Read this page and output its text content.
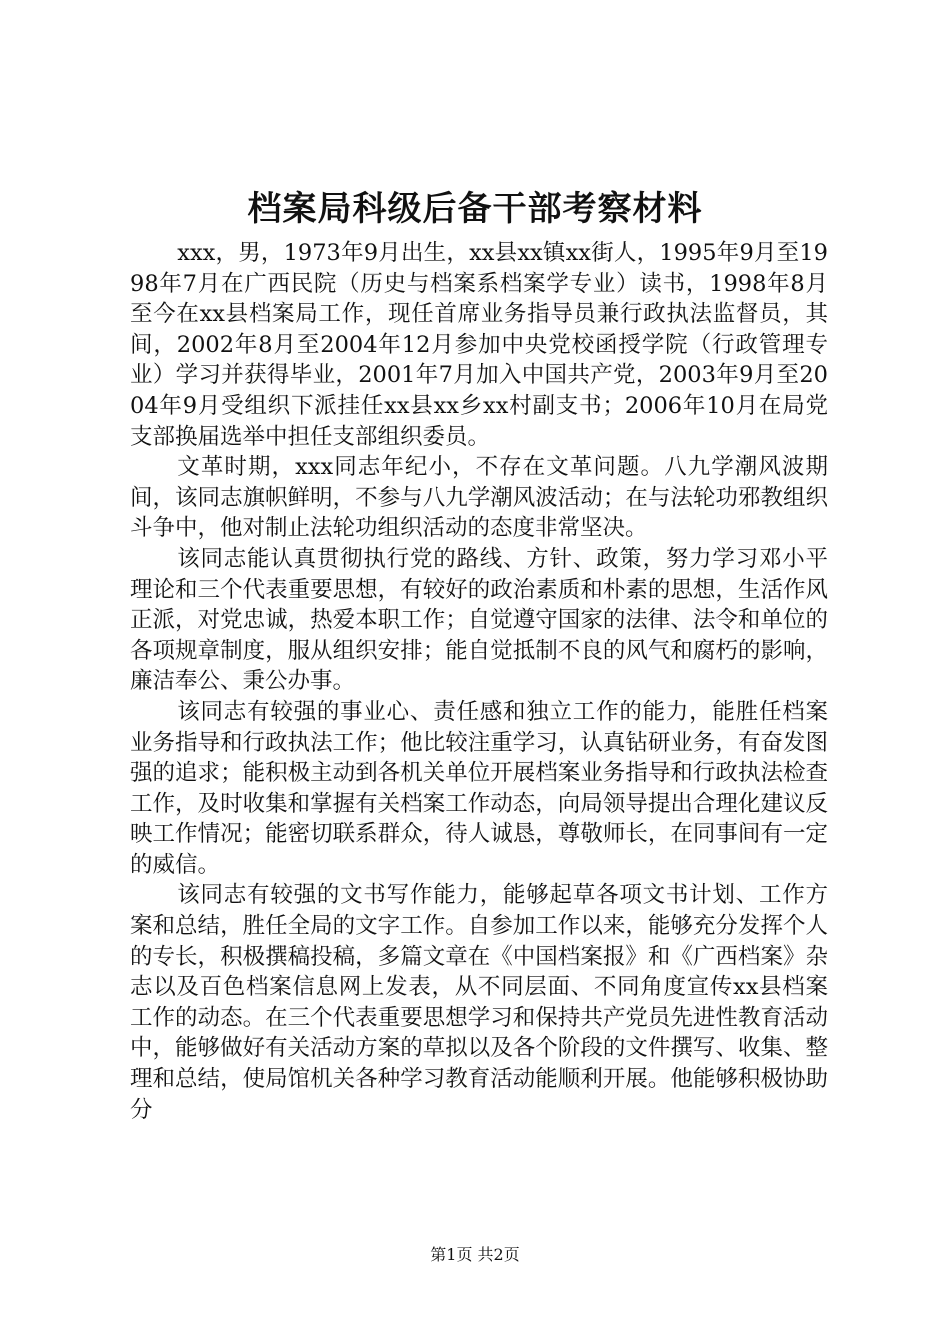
档案局科级后备干部考察材料

xxx，男，1973年9月出生，xx县xx镇xx街人，1995年9月至1998年7月在广西民院（历史与档案系档案学专业）读书，1998年8月至今在xx县档案局工作，现任首席业务指导员兼行政执法监督员，其间，2002年8月至2004年12月参加中央党校函授学院（行政管理专业）学习并获得毕业，2001年7月加入中国共产党，2003年9月至2004年9月受组织下派挂任xx县xx乡xx村副支书；2006年10月在局党支部换届选举中担任支部组织委员。

文革时期，xxx同志年纪小，不存在文革问题。八九学潮风波期间，该同志旗帜鲜明，不参与八九学潮风波活动；在与法轮功邪教组织斗争中，他对制止法轮功组织活动的态度非常坚决。

该同志能认真贯彻执行党的路线、方针、政策，努力学习邓小平理论和三个代表重要思想，有较好的政治素质和朴素的思想，生活作风正派，对党忠诚，热爱本职工作；自觉遵守国家的法律、法令和单位的各项规章制度，服从组织安排；能自觉抵制不良的风气和腐朽的影响，廉洁奉公、秉公办事。

该同志有较强的事业心、责任感和独立工作的能力，能胜任档案业务指导和行政执法工作；他比较注重学习，认真钻研业务，有奋发图强的追求；能积极主动到各机关单位开展档案业务指导和行政执法检查工作，及时收集和掌握有关档案工作动态，向局领导提出合理化建议反映工作情况；能密切联系群众，待人诚恳，尊敬师长，在同事间有一定的威信。

该同志有较强的文书写作能力，能够起草各项文书计划、工作方案和总结，胜任全局的文字工作。自参加工作以来，能够充分发挥个人的专长，积极撰稿投稿，多篇文章在《中国档案报》和《广西档案》杂志以及百色档案信息网上发表，从不同层面、不同角度宣传xx县档案工作的动态。在三个代表重要思想学习和保持共产党员先进性教育活动中，能够做好有关活动方案的草拟以及各个阶段的文件撰写、收集、整理和总结，使局馆机关各种学习教育活动能顺利开展。他能够积极协助分

第1页 共2页
